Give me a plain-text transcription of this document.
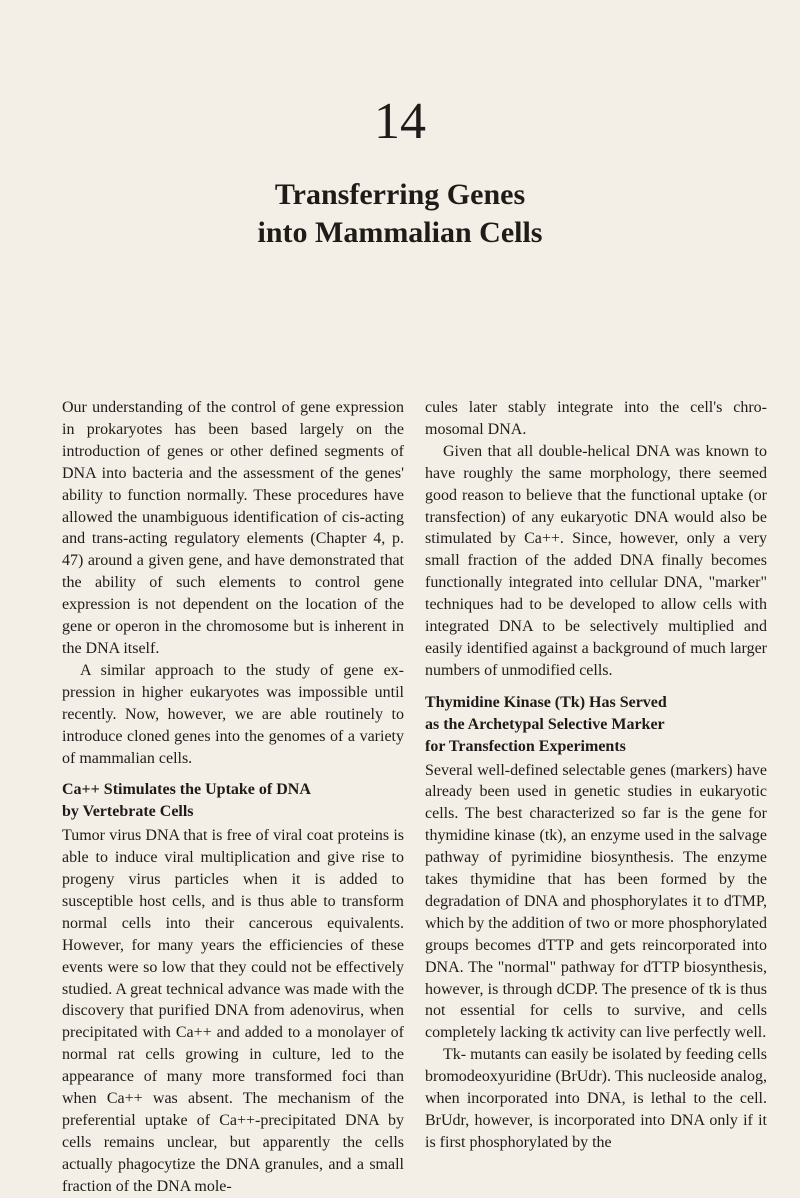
14
Transferring Genes
into Mammalian Cells

Our understanding of the control of gene expression in prokaryotes has been based largely on the introduction of genes or other defined segments of DNA into bacteria and the assessment of the genes' ability to function normally. These procedures have allowed the unambiguous identification of cis-acting and trans-acting regulatory elements (Chapter 4, p. 47) around a given gene, and have demonstrated that the ability of such elements to control gene expression is not dependent on the location of the gene or operon in the chromosome but is inherent in the DNA itself.

A similar approach to the study of gene expression in higher eukaryotes was impossible until recently. Now, however, we are able routinely to introduce cloned genes into the genomes of a variety of mammalian cells.

Ca++ Stimulates the Uptake of DNA
by Vertebrate Cells

Tumor virus DNA that is free of viral coat proteins is able to induce viral multiplication and give rise to progeny virus particles when it is added to susceptible host cells, and is thus able to transform normal cells into their cancerous equivalents. However, for many years the efficiencies of these events were so low that they could not be effectively studied. A great technical advance was made with the discovery that purified DNA from adenovirus, when precipitated with Ca++ and added to a monolayer of normal rat cells growing in culture, led to the appearance of many more transformed foci than when Ca++ was absent. The mechanism of the preferential uptake of Ca++-precipitated DNA by cells remains unclear, but apparently the cells actually phagocytize the DNA granules, and a small fraction of the DNA mole-

cules later stably integrate into the cell's chromosomal DNA.

Given that all double-helical DNA was known to have roughly the same morphology, there seemed good reason to believe that the functional uptake (or transfection) of any eukaryotic DNA would also be stimulated by Ca++. Since, however, only a very small fraction of the added DNA finally becomes functionally integrated into cellular DNA, "marker" techniques had to be developed to allow cells with integrated DNA to be selectively multiplied and easily identified against a background of much larger numbers of unmodified cells.

Thymidine Kinase (Tk) Has Served
as the Archetypal Selective Marker
for Transfection Experiments

Several well-defined selectable genes (markers) have already been used in genetic studies in eukaryotic cells. The best characterized so far is the gene for thymidine kinase (tk), an enzyme used in the salvage pathway of pyrimidine biosynthesis. The enzyme takes thymidine that has been formed by the degradation of DNA and phosphorylates it to dTMP, which by the addition of two or more phosphorylated groups becomes dTTP and gets reincorporated into DNA. The "normal" pathway for dTTP biosynthesis, however, is through dCDP. The presence of tk is thus not essential for cells to survive, and cells completely lacking tk activity can live perfectly well.

Tk- mutants can easily be isolated by feeding cells bromodeoxyuridine (BrUdr). This nucleoside analog, when incorporated into DNA, is lethal to the cell. BrUdr, however, is incorporated into DNA only if it is first phosphorylated by the
